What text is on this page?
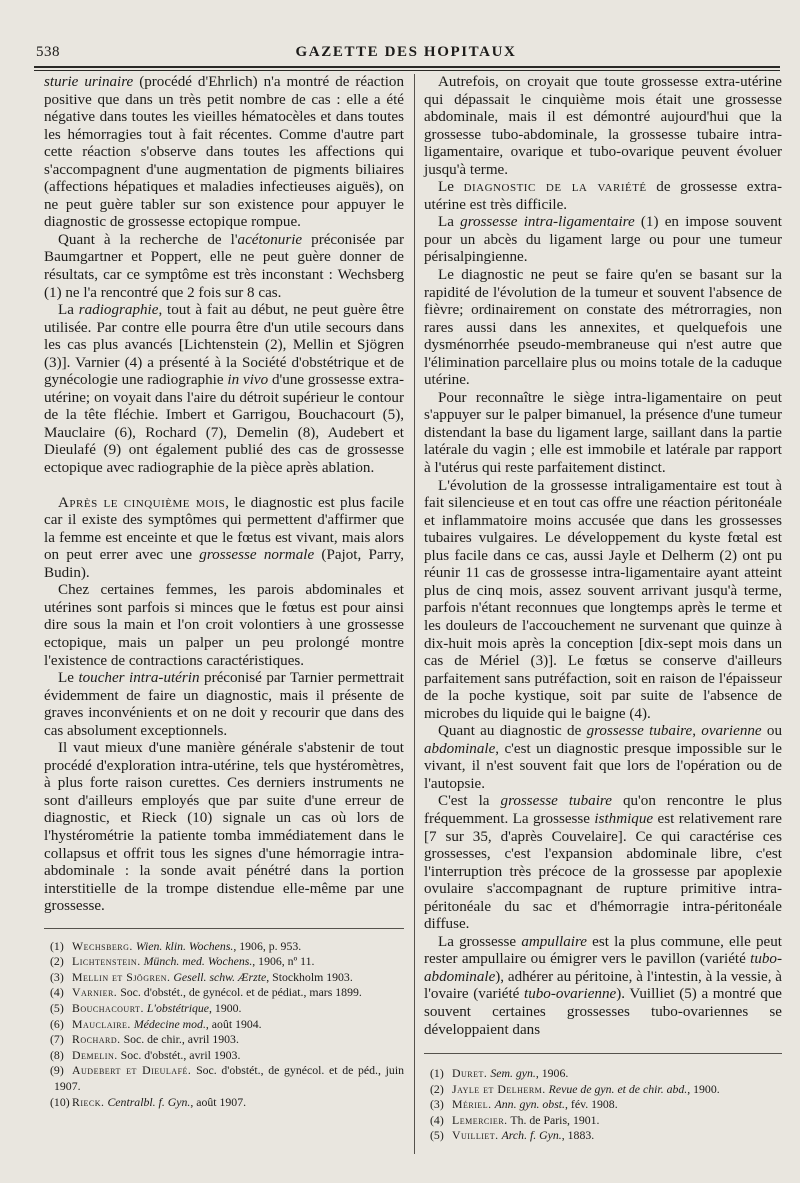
538	GAZETTE DES HOPITAUX

sturie urinaire (procédé d'Ehrlich) n'a montré de réaction positive que dans un très petit nombre de cas : elle a été négative dans toutes les vieilles hématocèles et dans toutes les hémorragies tout à fait récentes. Comme d'autre part cette réaction s'observe dans toutes les affections qui s'accompagnent d'une augmentation de pigments biliaires (affections hépatiques et maladies infectieuses aiguës), on ne peut guère tabler sur son existence pour appuyer le diagnostic de grossesse ectopique rompue.

Quant à la recherche de l'acétonurie préconisée par Baumgartner et Poppert, elle ne peut guère donner de résultats, car ce symptôme est très inconstant : Wechsberg (1) ne l'a rencontré que 2 fois sur 8 cas.

La radiographie, tout à fait au début, ne peut guère être utilisée. Par contre elle pourra être d'un utile secours dans les cas plus avancés [Lichtenstein (2), Mellin et Sjögren (3)]. Varnier (4) a présenté à la Société d'obstétrique et de gynécologie une radiographie in vivo d'une grossesse extra-utérine; on voyait dans l'aire du détroit supérieur le contour de la tête fléchie. Imbert et Garrigou, Bouchacourt (5), Mauclaire (6), Rochard (7), Demelin (8), Audebert et Dieulafé (9) ont également publié des cas de grossesse ectopique avec radiographie de la pièce après ablation.

Après le cinquième mois, le diagnostic est plus facile car il existe des symptômes qui permettent d'affirmer que la femme est enceinte et que le fœtus est vivant, mais alors on peut errer avec une grossesse normale (Pajot, Parry, Budin).

Chez certaines femmes, les parois abdominales et utérines sont parfois si minces que le fœtus est pour ainsi dire sous la main et l'on croit volontiers à une grossesse ectopique, mais un palper un peu prolongé montre l'existence de contractions caractéristiques.

Le toucher intra-utérin préconisé par Tarnier permettrait évidemment de faire un diagnostic, mais il présente de graves inconvénients et on ne doit y recourir que dans des cas absolument exceptionnels.

Il vaut mieux d'une manière générale s'abstenir de tout procédé d'exploration intra-utérine, tels que hystéromètres, à plus forte raison curettes. Ces derniers instruments ne sont d'ailleurs employés que par suite d'une erreur de diagnostic, et Rieck (10) signale un cas où lors de l'hystérométrie la patiente tomba immédiatement dans le collapsus et offrit tous les signes d'une hémorragie intra-abdominale : la sonde avait pénétré dans la portion interstitielle de la trompe distendue elle-même par une grossesse.

(1) Wechsberg. Wien. klin. Wochens., 1906, p. 953.
(2) Lichtenstein. Münch. med. Wochens., 1906, nº 11.
(3) Mellin et Sjögren. Gesell. schw. Ærzte, Stockholm 1903.
(4) Varnier. Soc. d'obstét., de gynécol. et de pédiat., mars 1899.
(5) Bouchacourt. L'obstétrique, 1900.
(6) Mauclaire. Médecine mod., août 1904.
(7) Rochard. Soc. de chir., avril 1903.
(8) Demelin. Soc. d'obstét., avril 1903.
(9) Audebert et Dieulafé. Soc. d'obstét., de gynécol. et de péd., juin 1907.
(10) Rieck. Centralbl. f. Gyn., août 1907.

Autrefois, on croyait que toute grossesse extra-utérine qui dépassait le cinquième mois était une grossesse abdominale, mais il est démontré aujourd'hui que la grossesse tubo-abdominale, la grossesse tubaire intra-ligamentaire, ovarique et tubo-ovarique peuvent évoluer jusqu'à terme.

Le diagnostic de la variété de grossesse extra-utérine est très difficile.

La grossesse intra-ligamentaire (1) en impose souvent pour un abcès du ligament large ou pour une tumeur périsalpingienne.

Le diagnostic ne peut se faire qu'en se basant sur la rapidité de l'évolution de la tumeur et souvent l'absence de fièvre; ordinairement on constate des métrorragies, non rares aussi dans les annexites, et quelquefois une dysménorrhée pseudo-membraneuse qui n'est autre que l'élimination parcellaire plus ou moins totale de la caduque utérine.

Pour reconnaître le siège intra-ligamentaire on peut s'appuyer sur le palper bimanuel, la présence d'une tumeur distendant la base du ligament large, saillant dans la partie latérale du vagin ; elle est immobile et latérale par rapport à l'utérus qui reste parfaitement distinct.

L'évolution de la grossesse intraligamentaire est tout à fait silencieuse et en tout cas offre une réaction péritonéale et inflammatoire moins accusée que dans les grossesses tubaires vulgaires. Le développement du kyste fœtal est plus facile dans ce cas, aussi Jayle et Delherm (2) ont pu réunir 11 cas de grossesse intra-ligamentaire ayant atteint plus de cinq mois, assez souvent arrivant jusqu'à terme, parfois n'étant reconnues que longtemps après le terme et les douleurs de l'accouchement ne survenant que quinze à dix-huit mois après la conception [dix-sept mois dans un cas de Mériel (3)]. Le fœtus se conserve d'ailleurs parfaitement sans putréfaction, soit en raison de l'épaisseur de la poche kystique, soit par suite de l'absence de microbes du liquide qui le baigne (4).

Quant au diagnostic de grossesse tubaire, ovarienne ou abdominale, c'est un diagnostic presque impossible sur le vivant, il n'est souvent fait que lors de l'opération ou de l'autopsie.

C'est la grossesse tubaire qu'on rencontre le plus fréquemment. La grossesse isthmique est relativement rare [7 sur 35, d'après Couvelaire]. Ce qui caractérise ces grossesses, c'est l'expansion abdominale libre, c'est l'interruption très précoce de la grossesse par apoplexie ovulaire s'accompagnant de rupture primitive intra-péritonéale du sac et d'hémorragie intra-péritonéale diffuse.

La grossesse ampullaire est la plus commune, elle peut rester ampullaire ou émigrer vers le pavillon (variété tubo-abdominale), adhérer au péritoine, à l'intestin, à la vessie, à l'ovaire (variété tubo-ovarienne). Vuilliet (5) a montré que souvent certaines grossesses tubo-ovariennes se développaient dans

(1) Duret. Sem. gyn., 1906.
(2) Jayle et Delherm. Revue de gyn. et de chir. abd., 1900.
(3) Mériel. Ann. gyn. obst., fév. 1908.
(4) Lemercier. Th. de Paris, 1901.
(5) Vuilliet. Arch. f. Gyn., 1883.
